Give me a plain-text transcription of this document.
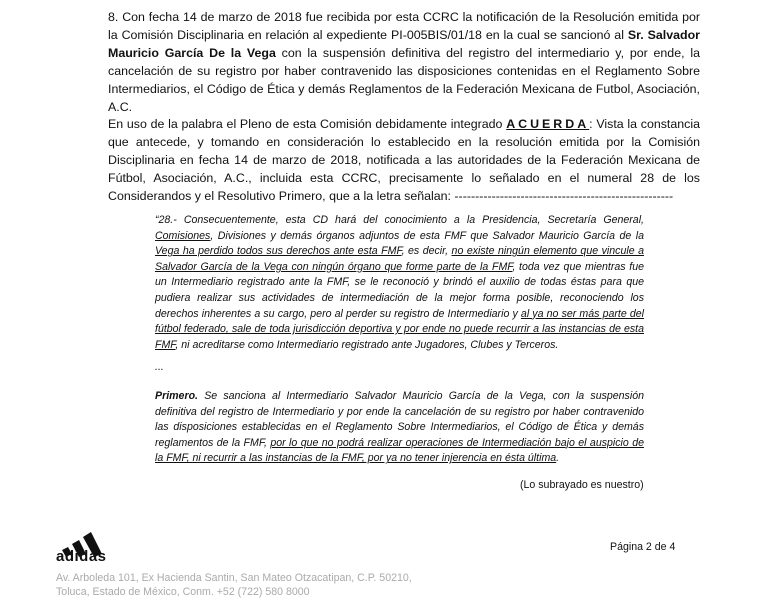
8. Con fecha 14 de marzo de 2018 fue recibida por esta CCRC la notificación de la Resolución emitida por la Comisión Disciplinaria en relación al expediente PI-005BIS/01/18 en la cual se sancionó al Sr. Salvador Mauricio García De la Vega con la suspensión definitiva del registro del intermediario y, por ende, la cancelación de su registro por haber contravenido las disposiciones contenidas en el Reglamento Sobre Intermediarios, el Código de Ética y demás Reglamentos de la Federación Mexicana de Futbol, Asociación, A.C.

En uso de la palabra el Pleno de esta Comisión debidamente integrado ACUERDA: Vista la constancia que antecede, y tomando en consideración lo establecido en la resolución emitida por la Comisión Disciplinaria en fecha 14 de marzo de 2018, notificada a las autoridades de la Federación Mexicana de Fútbol, Asociación, A.C., incluida esta CCRC, precisamente lo señalado en el numeral 28 de los Considerandos y el Resolutivo Primero, que a la letra señalan: -----------------------------------------------------

“28.- Consecuentemente, esta CD hará del conocimiento a la Presidencia, Secretaría General, Comisiones, Divisiones y demás órganos adjuntos de esta FMF que Salvador Mauricio García de la Vega ha perdido todos sus derechos ante esta FMF, es decir, no existe ningún elemento que vincule a Salvador García de la Vega con ningún órgano que forme parte de la FMF, toda vez que mientras fue un Intermediario registrado ante la FMF, se le reconoció y brindó el auxilio de todas éstas para que pudiera realizar sus actividades de intermediación de la mejor forma posible, reconociendo los derechos inherentes a su cargo, pero al perder su registro de Intermediario y al ya no ser más parte del fútbol federado, sale de toda jurisdicción deportiva y por ende no puede recurrir a las instancias de esta FMF, ni acreditarse como Intermediario registrado ante Jugadores, Clubes y Terceros.

...

Primero. Se sanciona al Intermediario Salvador Mauricio García de la Vega, con la suspensión definitiva del registro de Intermediario y por ende la cancelación de su registro por haber contravenido las disposiciones establecidas en el Reglamento Sobre Intermediarios, el Código de Ética y demás reglamentos de la FMF, por lo que no podrá realizar operaciones de Intermediación bajo el auspicio de la FMF, ni recurrir a las instancias de la FMF, por ya no tener injerencia en ésta última.

(Lo subrayado es nuestro)
adidas
Página 2 de 4
Av. Arboleda 101, Ex Hacienda Santin, San Mateo Otzacatipan, C.P. 50210,
Toluca, Estado de México, Conm. +52 (722) 580 8000
